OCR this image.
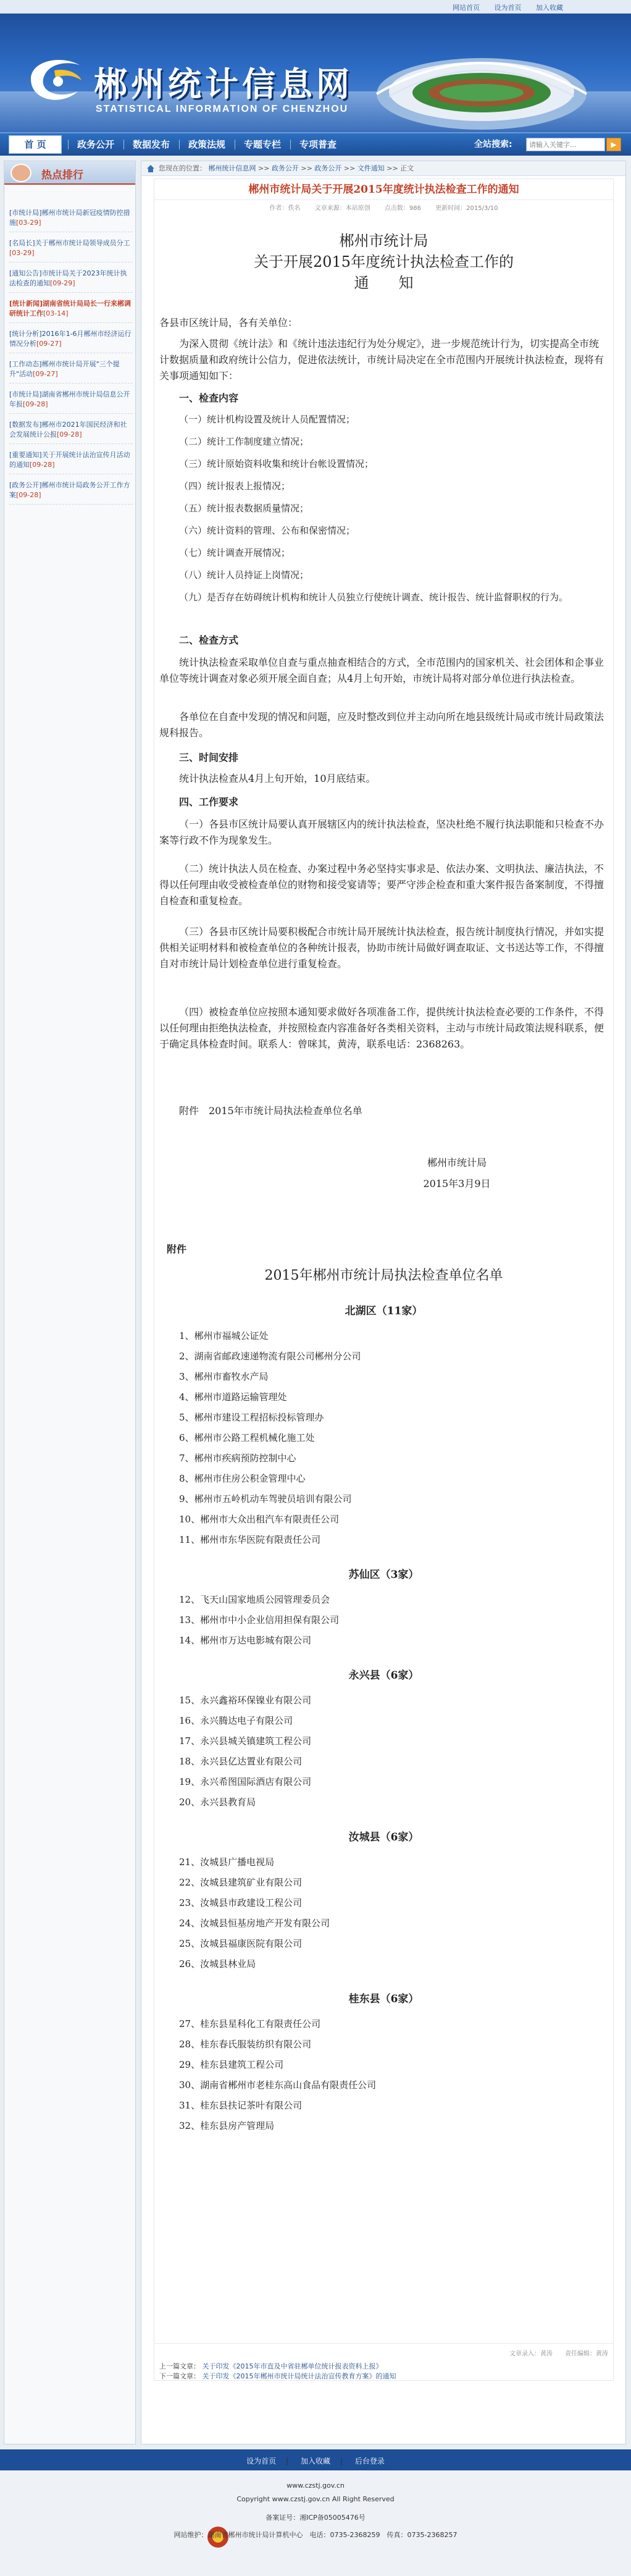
网站首页 设为首页 加入收藏
郴州统计信息网
STATISTICAL INFORMATION OF CHENZHOU
首 页	政务公开	数据发布	政策法规	专题专栏	专项普查	全站搜索:
请输入关键字...	▶
热点排行
[市统计局]郴州市统计局新冠疫情防控措施[03-29]
[名局长]关于郴州市统计局领导成员分工[03-29]
[通知公告]市统计局关于2023年统计执法检查的通知[09-29]
[统计新闻]湖南省统计局局长一行来郴调研统计工作[03-14]
[统计分析]2016年1-6月郴州市经济运行情况分析[09-27]
[工作动态]郴州市统计局开展"三个提升"活动[09-27]
[市统计局]湖南省郴州市统计局信息公开年报[09-28]
[数据发布]郴州市2021年国民经济和社会发展统计公报[09-28]
[重要通知]关于开展统计法治宣传月活动的通知[09-28]
[政务公开]郴州市统计局政务公开工作方案[09-28]
您现在的位置： 郴州统计信息网 >> 政务公开 >> 政务公开 >> 文件通知 >> 正文
郴州市统计局关于开展2015年度统计执法检查工作的通知
作者：佚名 文章来源：本站原创 点击数：986 更新时间：2015/3/10
郴州市统计局
关于开展2015年度统计执法检查工作的
通　　知
各县市区统计局，各有关单位：
为深入贯彻《统计法》和《统计违法违纪行为处分规定》，进一步规范统计行为，切实提高全市统计数据质量和政府统计公信力，促进依法统计，市统计局决定在全市范围内开展统计执法检查，现将有关事项通知如下：
一、检查内容
（一）统计机构设置及统计人员配置情况；
（二）统计工作制度建立情况；
（三）统计原始资料收集和统计台帐设置情况；
（四）统计报表上报情况；
（五）统计报表数据质量情况；
（六）统计资料的管理、公布和保密情况；
（七）统计调查开展情况；
（八）统计人员持证上岗情况；
（九）是否存在妨碍统计机构和统计人员独立行使统计调查、统计报告、统计监督职权的行为。
二、检查方式
统计执法检查采取单位自查与重点抽查相结合的方式，全市范围内的国家机关、社会团体和企事业单位等统计调查对象必须开展全面自查；从4月上旬开始，市统计局将对部分单位进行执法检查。
各单位在自查中发现的情况和问题，应及时整改到位并主动向所在地县级统计局或市统计局政策法规科报告。
三、时间安排
统计执法检查从4月上旬开始，10月底结束。
四、工作要求
（一）各县市区统计局要认真开展辖区内的统计执法检查，坚决杜绝不履行执法职能和只检查不办案等行政不作为现象发生。
（二）统计执法人员在检查、办案过程中务必坚持实事求是、依法办案、文明执法、廉洁执法，不得以任何理由收受被检查单位的财物和接受宴请等；要严守涉企检查和重大案件报告备案制度，不得擅自检查和重复检查。
（三）各县市区统计局要积极配合市统计局开展统计执法检查，报告统计制度执行情况，并如实提供相关证明材料和被检查单位的各种统计报表，协助市统计局做好调查取证、文书送达等工作，不得擅自对市统计局计划检查单位进行重复检查。
（四）被检查单位应按照本通知要求做好各项准备工作，提供统计执法检查必要的工作条件，不得以任何理由拒绝执法检查，并按照检查内容准备好各类相关资料，主动与市统计局政策法规科联系，便于确定具体检查时间。联系人：曾咪其，黄涛，联系电话：2368263。
附件　2015年市统计局执法检查单位名单
郴州市统计局
2015年3月9日
附件
2015年郴州市统计局执法检查单位名单
北湖区（11家）
1、郴州市福城公证处
2、湖南省邮政速递物流有限公司郴州分公司
3、郴州市畜牧水产局
4、郴州市道路运输管理处
5、郴州市建设工程招标投标管理办
6、郴州市公路工程机械化施工处
7、郴州市疾病预防控制中心
8、郴州市住房公积金管理中心
9、郴州市五岭机动车驾驶员培训有限公司
10、郴州市大众出租汽车有限责任公司
11、郴州市东华医院有限责任公司
苏仙区（3家）
12、飞天山国家地质公园管理委员会
13、郴州市中小企业信用担保有限公司
14、郴州市万达电影城有限公司
永兴县（6家）
15、永兴鑫裕环保镍业有限公司
16、永兴腾达电子有限公司
17、永兴县城关镇建筑工程公司
18、永兴县亿达置业有限公司
19、永兴希图国际酒店有限公司
20、永兴县教育局
汝城县（6家）
21、汝城县广播电视局
22、汝城县建筑矿业有限公司
23、汝城县市政建设工程公司
24、汝城县恒基房地产开发有限公司
25、汝城县福康医院有限公司
26、汝城县林业局
桂东县（6家）
27、桂东县星科化工有限责任公司
28、桂东春氏服装纺织有限公司
29、桂东县建筑工程公司
30、湖南省郴州市老桂东高山食品有限责任公司
31、桂东县扶记茶叶有限公司
32、桂东县房产管理局
文章录入：黄涛　　责任编辑：黄涛
上一篇文章： 关于印发《2015年市直及中省驻郴单位统计报表资料上报》
下一篇文章： 关于印发《2015年郴州市统计局统计法治宣传教育方案》的通知
设为首页 | 加入收藏 | 后台登录
www.czstj.gov.cn
Copyright www.czstj.gov.cn All Right Reserved
备案证号：湘ICP备05005476号
网站维护：湖南省郴州市统计局计算机中心　电话：0735-2368259　传真：0735-2368257
